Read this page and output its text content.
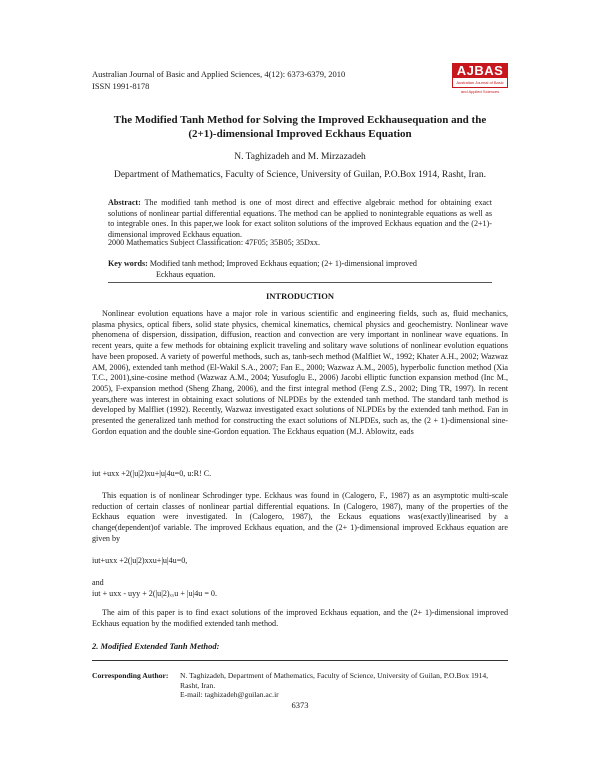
Australian Journal of Basic and Applied Sciences, 4(12): 6373-6379, 2010
ISSN 1991-8178
AJBAS
Australian Journal of Basic and Applied Sciences
The Modified Tanh Method for Solving the Improved Eckhausequation and the
(2+1)-dimensional Improved Eckhaus Equation
N. Taghizadeh and M. Mirzazadeh
Department of Mathematics, Faculty of Science, University of Guilan, P.O.Box 1914, Rasht, Iran.
Abstract: The modified tanh method is one of most direct and effective algebraic method for obtaining exact solutions of nonlinear partial differential equations. The method can be applied to nonintegrable equations as well as to integrable ones. In this paper,we look for exact soliton solutions of the improved Eckhaus equation and the (2+1)-dimensional improved Eckhaus equation.
2000 Mathematics Subject Classification: 47F05; 35B05; 35Dxx.
Key words: Modified tanh method; Improved Eckhaus equation; (2+ 1)-dimensional improved
Eckhaus equation.
INTRODUCTION

Nonlinear evolution equations have a major role in various scientific and engineering fields, such as, fluid mechanics, plasma physics, optical fibers, solid state physics, chemical kinematics, chemical physics and geochemistry. Nonlinear wave phenomena of dispersion, dissipation, diffusion, reaction and convection are very important in nonlinear wave equations. In recent years, quite a few methods for obtaining explicit traveling and solitary wave solutions of nonlinear evolution equations have been proposed. A variety of powerful methods, such as, tanh-sech method (Malfliet W., 1992; Khater A.H., 2002; Wazwaz AM, 2006), extended tanh method (El-Wakil S.A., 2007; Fan E., 2000; Wazwaz A.M., 2005), hyperbolic function method (Xia T.C., 2001),sine-cosine method (Wazwaz A.M., 2004; Yusufoglu E., 2006) Jacobi elliptic function expansion method (Inc M., 2005), F-expansion method (Sheng Zhang, 2006), and the first integral method (Feng Z.S., 2002; Ding TR, 1997). In recent years,there was interest in obtaining exact solutions of NLPDEs by the extended tanh method. The standard tanh method is developed by Malfliet (1992). Recently, Wazwaz investigated exact solutions of NLPDEs by the extended tanh method. Fan in presented the generalized tanh method for constructing the exact solutions of NLPDEs, such as, the (2 + 1)-dimensional sine-Gordon equation and the double sine-Gordon equation. The Eckhaus equation (M.J. Ablowitz, eads

iut +uxx +2(|u|2)xu+|u|4u=0, u:R! C.

This equation is of nonlinear Schrodinger type. Eckhaus was found in (Calogero, F., 1987) as an asymptotic multi-scale reduction of certain classes of nonlinear partial differential equations. In (Calogero, 1987), many of the properties of the Eckhaus equation were investigated. In (Calogero, 1987), the Eckaus equations was(exactly)linearised by a change(dependent)of variable. The improved Eckhaus equation, and the (2+ 1)-dimensional improved Eckhaus equation are given by

iut+uxx +2(|u|2)xxu+|u|4u=0,
and
iut + uxx - uyy + 2(|u|2)ₓₓu + |u|4u = 0.

The aim of this paper is to find exact solutions of the improved Eckhaus equation, and the (2+ 1)-dimensional improved Eckhaus equation by the modified extended tanh method.

2. Modified Extended Tanh Method:
Corresponding Author: N. Taghizadeh, Department of Mathematics, Faculty of Science, University of Guilan, P.O.Box 1914, Rasht, Iran.
E-mail: taghizadeh@guilan.ac.ir
6373
